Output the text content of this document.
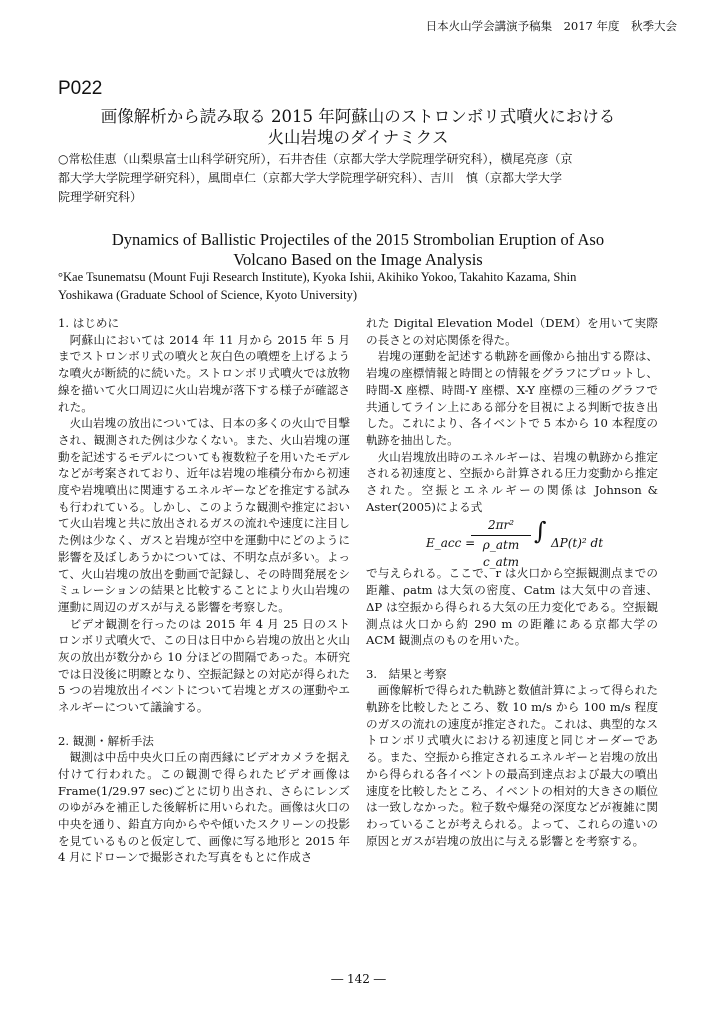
日本火山学会講演予稿集　2017 年度　秋季大会
P022
画像解析から読み取る 2015 年阿蘇山のストロンボリ式噴火における
火山岩塊のダイナミクス
○常松佳恵（山梨県富士山科学研究所），石井杏佳（京都大学大学院理学研究科），横尾亮彦（京
都大学大学院理学研究科），風間卓仁（京都大学大学院理学研究科）、吉川　慎（京都大学大学
院理学研究科）
Dynamics of Ballistic Projectiles of the 2015 Strombolian Eruption of Aso
Volcano Based on the Image Analysis
°Kae Tsunematsu (Mount Fuji Research Institute), Kyoka Ishii, Akihiko Yokoo, Takahito Kazama, Shin
Yoshikawa (Graduate School of Science, Kyoto University)

1. はじめに

阿蘇山においては 2014 年 11 月から 2015 年 5 月までストロンボリ式の噴火と灰白色の噴煙を上げるような噴火が断続的に続いた。ストロンボリ式噴火では放物線を描いて火口周辺に火山岩塊が落下する様子が確認された。

火山岩塊の放出については、日本の多くの火山で目撃され、観測された例は少なくない。また、火山岩塊の運動を記述するモデルについても複数粒子を用いたモデルなどが考案されており、近年は岩塊の堆積分布から初速度や岩塊噴出に関連するエネルギーなどを推定する試みも行われている。しかし、このような観測や推定において火山岩塊と共に放出されるガスの流れや速度に注目した例は少なく、ガスと岩塊が空中を運動中にどのように影響を及ぼしあうかについては、不明な点が多い。よって、火山岩塊の放出を動画で記録し、その時間発展をシミュレーションの結果と比較することにより火山岩塊の運動に周辺のガスが与える影響を考察した。

ビデオ観測を行ったのは 2015 年 4 月 25 日のストロンボリ式噴火で、この日は日中から岩塊の放出と火山灰の放出が数分から 10 分ほどの間隔であった。本研究では日没後に明瞭となり、空振記録との対応が得られた 5 つの岩塊放出イベントについて岩塊とガスの運動やエネルギーについて議論する。

2. 観測・解析手法

観測は中岳中央火口丘の南西縁にビデオカメラを据え付けて行われた。この観測で得られたビデオ画像は Frame(1/29.97 sec)ごとに切り出され、さらにレンズのゆがみを補正した後解析に用いられた。画像は火口の中央を通り、鉛直方向からやや傾いたスクリーンの投影を見ているものと仮定して、画像に写る地形と 2015 年 4 月にドローンで撮影された写真をもとに作成さ

れた Digital Elevation Model（DEM）を用いて実際の長さとの対応関係を得た。

岩塊の運動を記述する軌跡を画像から抽出する際は、岩塊の座標情報と時間との情報をグラフにプロットし、時間-X 座標、時間-Y 座標、X-Y 座標の三種のグラフで共通してライン上にある部分を目視による判断で抜き出した。これにより、各イベントで 5 本から 10 本程度の軌跡を抽出した。

火山岩塊放出時のエネルギーは、岩塊の軌跡から推定される初速度と、空振から計算される圧力変動から推定された。空振とエネルギーの関係は Johnson & Aster(2005)による式

E_acc =
2πr²
ρ_atm c_atm
∫ ΔP(t)² dt

で与えられる。ここで、r は火口から空振観測点までの距離、ρatm は大気の密度、Catm は大気中の音速、ΔP は空振から得られる大気の圧力変化である。空振観測点は火口から約 290 m の距離にある京都大学の ACM 観測点のものを用いた。

3.　結果と考察

画像解析で得られた軌跡と数値計算によって得られた軌跡を比較したところ、数 10 m/s から 100 m/s 程度のガスの流れの速度が推定された。これは、典型的なストロンボリ式噴火における初速度と同じオーダーである。また、空振から推定されるエネルギーと岩塊の放出から得られる各イベントの最高到達点および最大の噴出速度を比較したところ、イベントの相対的大きさの順位は一致しなかった。粒子数や爆発の深度などが複雑に関わっていることが考えられる。よって、これらの違いの原因とガスが岩塊の放出に与える影響とを考察する。

― 142 ―
